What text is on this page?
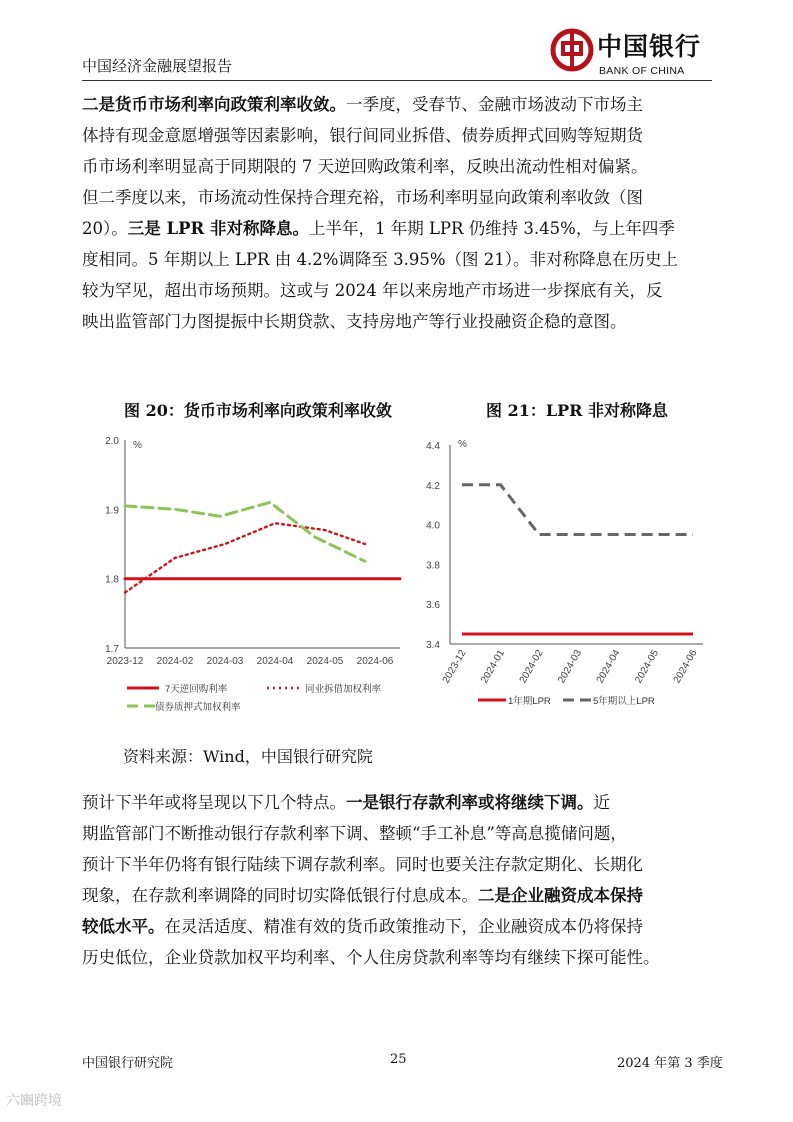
中国经济金融展望报告
中国银行
BANK OF CHINA

二是货币市场利率向政策利率收敛。一季度，受春节、金融市场波动下市场主

体持有现金意愿增强等因素影响，银行间同业拆借、债券质押式回购等短期货

币市场利率明显高于同期限的 7 天逆回购政策利率，反映出流动性相对偏紧。

但二季度以来，市场流动性保持合理充裕，市场利率明显向政策利率收敛（图

20）。三是 LPR 非对称降息。上半年，1 年期 LPR 仍维持 3.45%，与上年四季

度相同。5 年期以上 LPR 由 4.2%调降至 3.95%（图 21）。非对称降息在历史上

较为罕见，超出市场预期。这或与 2024 年以来房地产市场进一步探底有关，反

映出监管部门力图提振中长期贷款、支持房地产等行业投融资企稳的意图。

图 20：货币市场利率向政策利率收敛	图 21：LPR 非对称降息
1.7
1.8
1.9
2.0 %
2023-12 2024-02 2024-03 2024-04 2024-05 2024-06
7天逆回购利率	同业拆借加权利率
债券质押式加权利率
3.4
3.6
3.8
4.0
4.2
4.4 %
2023-12 2024-01 2024-02 2024-03 2024-04 2024-05 2024-06
1年期LPR	5年期以上LPR
资料来源：Wind，中国银行研究院

预计下半年或将呈现以下几个特点。一是银行存款利率或将继续下调。近

期监管部门不断推动银行存款利率下调、整顿“手工补息”等高息揽储问题，

预计下半年仍将有银行陆续下调存款利率。同时也要关注存款定期化、长期化

现象，在存款利率调降的同时切实降低银行付息成本。二是企业融资成本保持

较低水平。在灵活适度、精准有效的货币政策推动下，企业融资成本仍将保持

历史低位，企业贷款加权平均利率、个人住房贷款利率等均有继续下探可能性。

中国银行研究院	25	2024 年第 3 季度
六豳跨境
